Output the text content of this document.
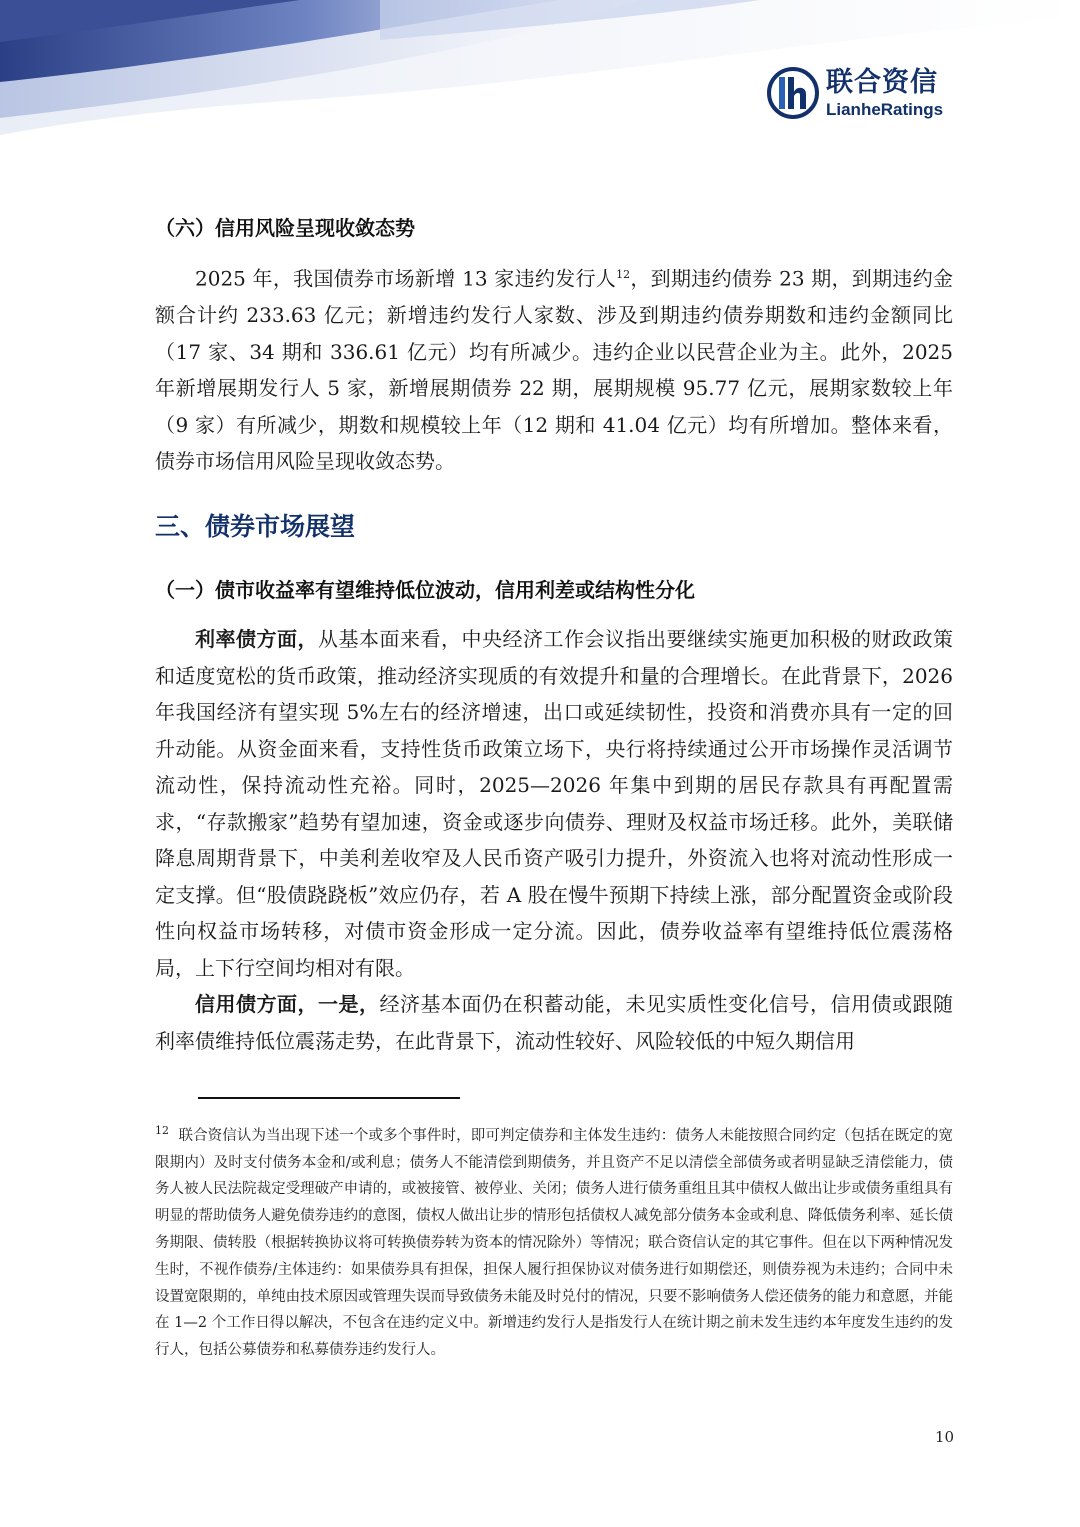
联合资信
LianheRatings
（六）信用风险呈现收敛态势

2025 年，我国债券市场新增 13 家违约发行人$^{12}$，到期违约债券 23 期，到期违约金额合计约 233.63 亿元；新增违约发行人家数、涉及到期违约债券期数和违约金额同比（17 家、34 期和 336.61 亿元）均有所减少。违约企业以民营企业为主。此外，2025 年新增展期发行人 5 家，新增展期债券 22 期，展期规模 95.77 亿元，展期家数较上年（9 家）有所减少，期数和规模较上年（12 期和 41.04 亿元）均有所增加。整体来看，债券市场信用风险呈现收敛态势。

三、债券市场展望
（一）债市收益率有望维持低位波动，信用利差或结构性分化

利率债方面，从基本面来看，中央经济工作会议指出要继续实施更加积极的财政政策和适度宽松的货币政策，推动经济实现质的有效提升和量的合理增长。在此背景下，2026 年我国经济有望实现 5%左右的经济增速，出口或延续韧性，投资和消费亦具有一定的回升动能。从资金面来看，支持性货币政策立场下，央行将持续通过公开市场操作灵活调节流动性，保持流动性充裕。同时，2025—2026 年集中到期的居民存款具有再配置需求，“存款搬家”趋势有望加速，资金或逐步向债券、理财及权益市场迁移。此外，美联储降息周期背景下，中美利差收窄及人民币资产吸引力提升，外资流入也将对流动性形成一定支撑。但“股债跷跷板”效应仍存，若 A 股在慢牛预期下持续上涨，部分配置资金或阶段性向权益市场转移，对债市资金形成一定分流。因此，债券收益率有望维持低位震荡格局，上下行空间均相对有限。

信用债方面，一是，经济基本面仍在积蓄动能，未见实质性变化信号，信用债或跟随利率债维持低位震荡走势，在此背景下，流动性较好、风险较低的中短久期信用

$^{12}$ 联合资信认为当出现下述一个或多个事件时，即可判定债券和主体发生违约：债务人未能按照合同约定（包括在既定的宽限期内）及时支付债务本金和/或利息；债务人不能清偿到期债务，并且资产不足以清偿全部债务或者明显缺乏清偿能力，债务人被人民法院裁定受理破产申请的，或被接管、被停业、关闭；债务人进行债务重组且其中债权人做出让步或债务重组具有明显的帮助债务人避免债券违约的意图，债权人做出让步的情形包括债权人减免部分债务本金或利息、降低债务利率、延长债务期限、债转股（根据转换协议将可转换债券转为资本的情况除外）等情况；联合资信认定的其它事件。但在以下两种情况发生时，不视作债券/主体违约：如果债券具有担保，担保人履行担保协议对债务进行如期偿还，则债券视为未违约；合同中未设置宽限期的，单纯由技术原因或管理失误而导致债务未能及时兑付的情况，只要不影响债务人偿还债务的能力和意愿，并能在 1—2 个工作日得以解决，不包含在违约定义中。新增违约发行人是指发行人在统计期之前未发生违约本年度发生违约的发行人，包括公募债券和私募债券违约发行人。

10
